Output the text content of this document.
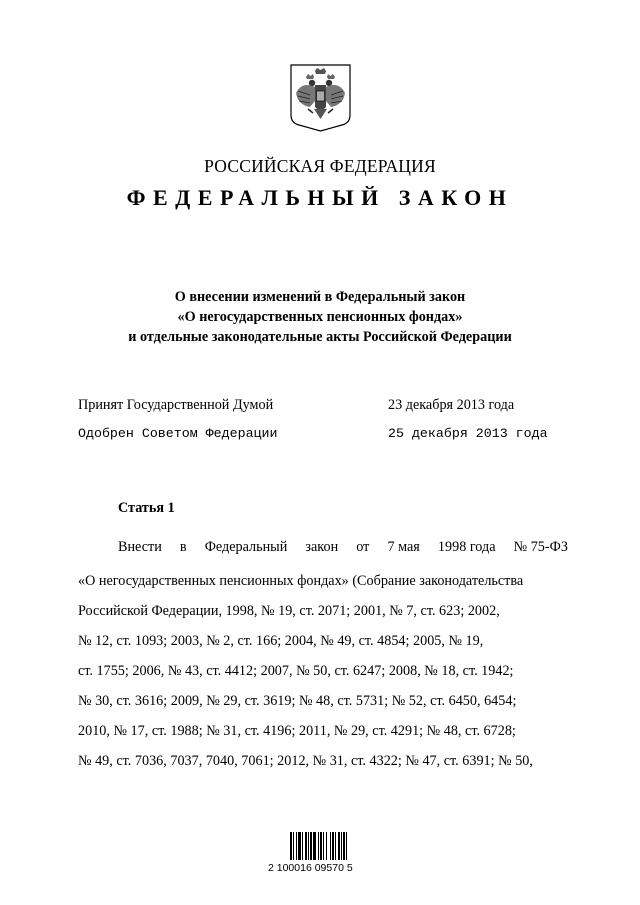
РОССИЙСКАЯ ФЕДЕРАЦИЯ
ФЕДЕРАЛЬНЫЙ ЗАКОН
О внесении изменений в Федеральный закон
«О негосударственных пенсионных фондах»
и отдельные законодательные акты Российской Федерации
Принят Государственной Думой	23 декабря 2013 года
Одобрен Советом Федерации	25 декабря 2013 года
Статья 1
Внести в Федеральный закон от 7 мая 1998 года № 75-ФЗ
«О негосударственных пенсионных фондах» (Собрание законодательства
Российской Федерации, 1998, № 19, ст. 2071; 2001, № 7, ст. 623; 2002,
№ 12, ст. 1093; 2003, № 2, ст. 166; 2004, № 49, ст. 4854; 2005, № 19,
ст. 1755; 2006, № 43, ст. 4412; 2007, № 50, ст. 6247; 2008, № 18, ст. 1942;
№ 30, ст. 3616; 2009, № 29, ст. 3619; № 48, ст. 5731; № 52, ст. 6450, 6454;
2010, № 17, ст. 1988; № 31, ст. 4196; 2011, № 29, ст. 4291; № 48, ст. 6728;
№ 49, ст. 7036, 7037, 7040, 7061; 2012, № 31, ст. 4322; № 47, ст. 6391; № 50,
2 100016 09570 5
